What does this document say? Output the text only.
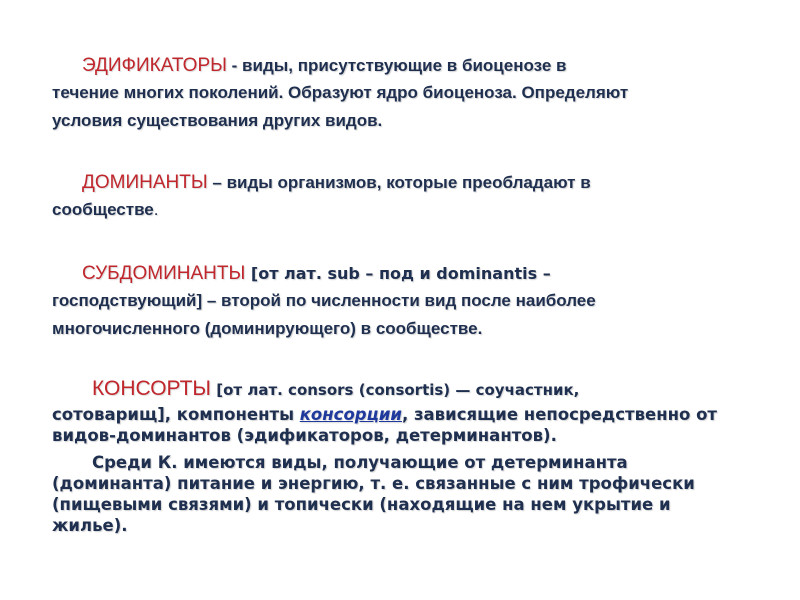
ЭДИФИКАТОРЫ - виды, присутствующие в биоценозе в
течение многих поколений. Образуют ядро биоценоза. Определяют
условия существования других видов.
ДОМИНАНТЫ – виды организмов, которые преобладают в
сообществе.
СУБДОМИНАНТЫ [от лат. sub – под и dominantis –
господствующий] – второй по численности вид после наиболее
многочисленного (доминирующего) в сообществе.
КОНСОРТЫ [от лат. consors (consortis) — соучастник,
сотоварищ], компоненты консорции, зависящие непосредственно от
видов-доминантов (эдификаторов, детерминантов).
Среди К. имеются виды, получающие от детерминанта
(доминанта) питание и энергию, т. е. связанные с ним трофически
(пищевыми связями) и топически (находящие на нем укрытие и
жилье).
